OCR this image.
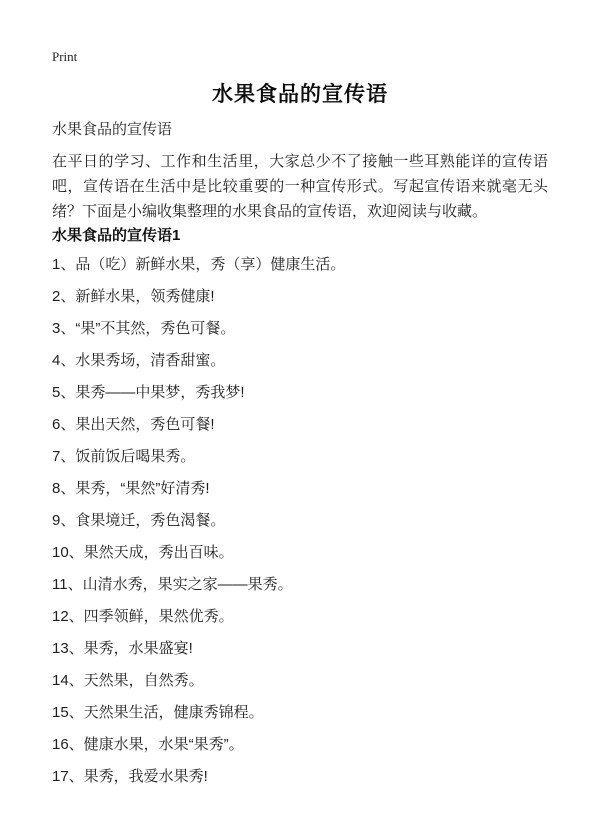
Print
水果食品的宣传语

水果食品的宣传语

在平日的学习、工作和生活里，大家总少不了接触一些耳熟能详的宣传语吧，宣传语在生活中是比较重要的一种宣传形式。写起宣传语来就毫无头绪？下面是小编收集整理的水果食品的宣传语，欢迎阅读与收藏。

水果食品的宣传语1

1、品（吃）新鲜水果，秀（享）健康生活。

2、新鲜水果，领秀健康!

3、“果”不其然，秀色可餐。

4、水果秀场，清香甜蜜。

5、果秀——中果梦，秀我梦!

6、果出天然，秀色可餐!

7、饭前饭后喝果秀。

8、果秀，“果然”好清秀!

9、食果境迁，秀色渴餐。

10、果然天成，秀出百味。

11、山清水秀，果实之家——果秀。

12、四季领鲜，果然优秀。

13、果秀，水果盛宴!

14、天然果，自然秀。

15、天然果生活，健康秀锦程。

16、健康水果，水果“果秀”。

17、果秀，我爱水果秀!
